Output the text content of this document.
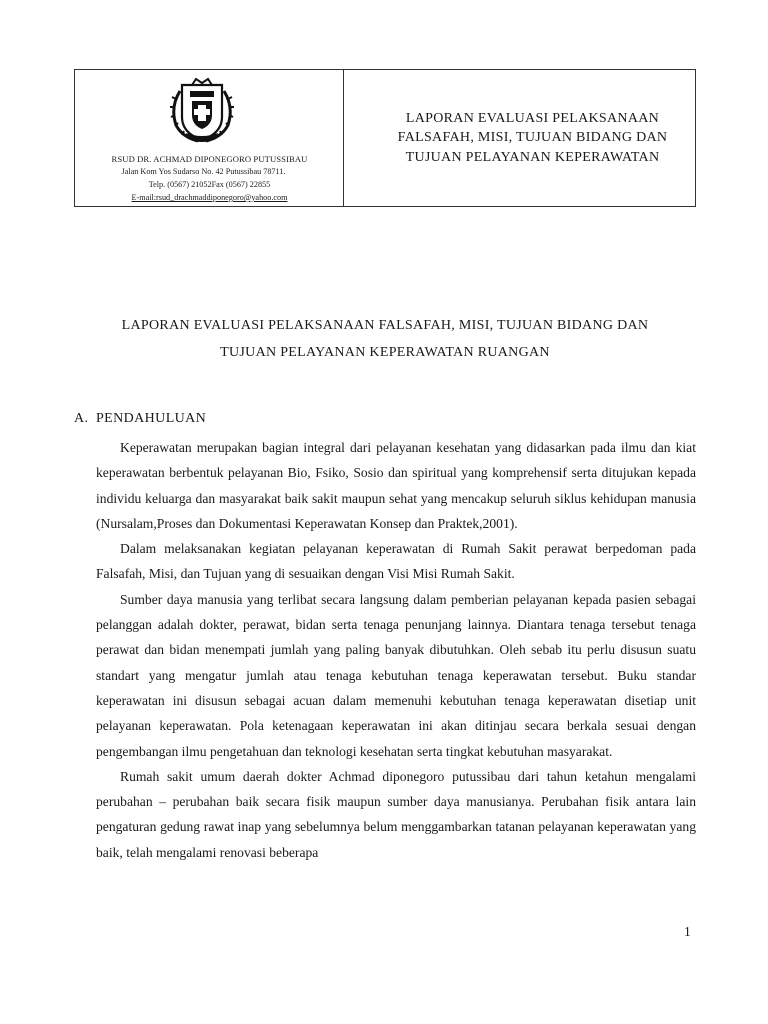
RSUD DR. ACHMAD DIPONEGORO PUTUSSIBAU
Jalan Kom Yos Sudarso No. 42 Putussibau 78711.
Telp. (0567) 21052Fax (0567) 22855
E-mail:rsud_drachmaddiponegoro@yahoo.com
LAPORAN EVALUASI PELAKSANAAN
FALSAFAH, MISI, TUJUAN BIDANG DAN
TUJUAN PELAYANAN KEPERAWATAN
LAPORAN EVALUASI PELAKSANAAN FALSAFAH, MISI, TUJUAN BIDANG DAN
TUJUAN PELAYANAN KEPERAWATAN RUANGAN
A. PENDAHULUAN

Keperawatan merupakan bagian integral dari pelayanan kesehatan yang didasarkan pada ilmu dan kiat keperawatan berbentuk pelayanan Bio, Fsiko, Sosio dan spiritual yang komprehensif serta ditujukan kepada individu keluarga dan masyarakat baik sakit maupun sehat yang mencakup seluruh siklus kehidupan manusia (Nursalam,Proses dan Dokumentasi Keperawatan Konsep dan Praktek,2001).

Dalam melaksanakan kegiatan pelayanan keperawatan di Rumah Sakit perawat berpedoman pada Falsafah, Misi, dan Tujuan yang di sesuaikan dengan Visi Misi Rumah Sakit.

Sumber daya manusia yang terlibat secara langsung dalam pemberian pelayanan kepada pasien sebagai pelanggan adalah dokter, perawat, bidan serta tenaga penunjang lainnya. Diantara tenaga tersebut tenaga perawat dan bidan menempati jumlah yang paling banyak dibutuhkan. Oleh sebab itu perlu disusun suatu standart yang mengatur jumlah atau tenaga kebutuhan tenaga keperawatan tersebut. Buku standar keperawatan ini disusun sebagai acuan dalam memenuhi kebutuhan tenaga keperawatan disetiap unit pelayanan keperawatan. Pola ketenagaan keperawatan ini akan ditinjau secara berkala sesuai dengan pengembangan ilmu pengetahuan dan teknologi kesehatan serta tingkat kebutuhan masyarakat.

Rumah sakit umum daerah dokter Achmad diponegoro putussibau dari tahun ketahun mengalami perubahan – perubahan baik secara fisik maupun sumber daya manusianya. Perubahan fisik antara lain pengaturan gedung rawat inap yang sebelumnya belum menggambarkan tatanan pelayanan keperawatan yang baik, telah mengalami renovasi beberapa

1
